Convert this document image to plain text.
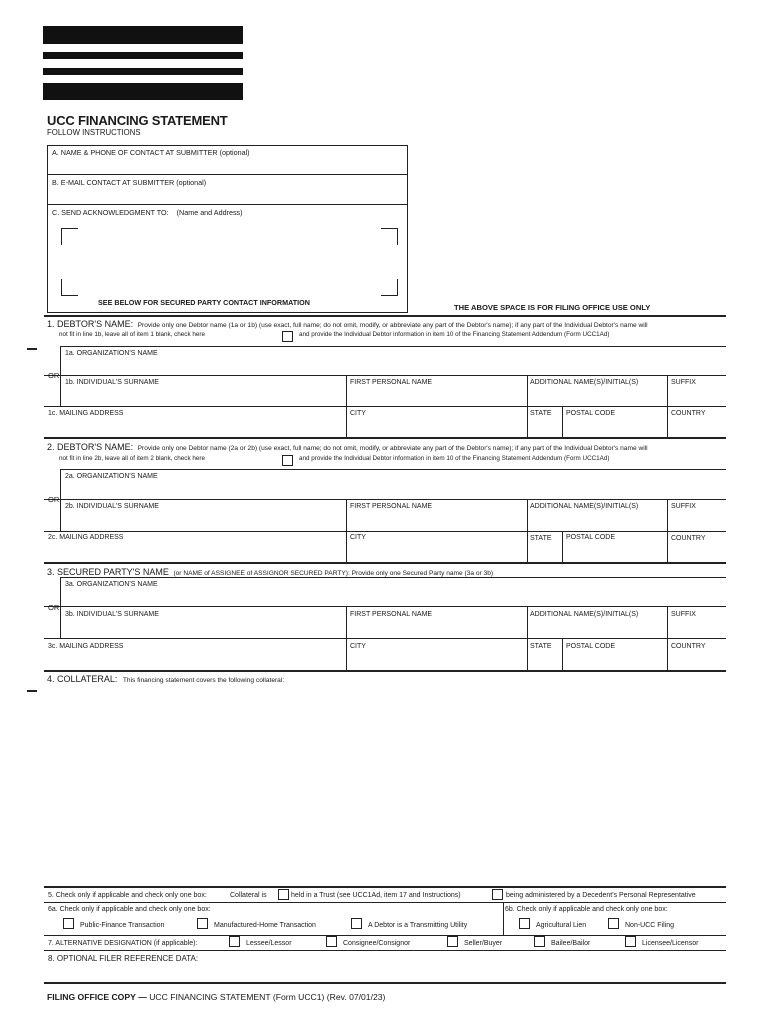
UCC FINANCING STATEMENT
FOLLOW INSTRUCTIONS
A. NAME & PHONE OF CONTACT AT SUBMITTER (optional)
B. E-MAIL CONTACT AT SUBMITTER (optional)
C. SEND ACKNOWLEDGMENT TO: (Name and Address)
SEE BELOW FOR SECURED PARTY CONTACT INFORMATION
THE ABOVE SPACE IS FOR FILING OFFICE USE ONLY
1. DEBTOR'S NAME: Provide only one Debtor name (1a or 1b) (use exact, full name; do not omit, modify, or abbreviate any part of the Debtor's name); if any part of the Individual Debtor's name will
not fit in line 1b, leave all of item 1 blank, check here	and provide the Individual Debtor information in item 10 of the Financing Statement Addendum (Form UCC1Ad)
1a. ORGANIZATION'S NAME
OR
1b. INDIVIDUAL'S SURNAME	FIRST PERSONAL NAME	ADDITIONAL NAME(S)/INITIAL(S)	SUFFIX
1c. MAILING ADDRESS	CITY	STATE POSTAL CODE	COUNTRY
2. DEBTOR'S NAME: Provide only one Debtor name (2a or 2b) (use exact, full name; do not omit, modify, or abbreviate any part of the Debtor's name); if any part of the Individual Debtor's name will
not fit in line 2b, leave all of item 2 blank, check here	and provide the Individual Debtor information in item 10 of the Financing Statement Addendum (Form UCC1Ad)
2a. ORGANIZATION'S NAME
OR
2b. INDIVIDUAL'S SURNAME	FIRST PERSONAL NAME	ADDITIONAL NAME(S)/INITIAL(S)	SUFFIX
2c. MAILING ADDRESS	CITY	STATE POSTAL CODE	COUNTRY
3. SECURED PARTY'S NAME (or NAME of ASSIGNEE of ASSIGNOR SECURED PARTY): Provide only one Secured Party name (3a or 3b)
3a. ORGANIZATION'S NAME
OR
3b. INDIVIDUAL'S SURNAME	FIRST PERSONAL NAME	ADDITIONAL NAME(S)/INITIAL(S)	SUFFIX
3c. MAILING ADDRESS	CITY	STATE POSTAL CODE	COUNTRY
4. COLLATERAL: This financing statement covers the following collateral:
5. Check only if applicable and check only one box:	Collateral is	held in a Trust (see UCC1Ad, item 17 and Instructions)	being administered by a Decedent's Personal Representative
6a. Check only if applicable and check only one box:	6b. Check only if applicable and check only one box:
Public-Finance Transaction	Manufactured-Home Transaction	A Debtor is a Transmitting Utility	Agricultural Lien	Non-UCC Filing
7. ALTERNATIVE DESIGNATION (if applicable):	Lessee/Lessor	Consignee/Consignor	Seller/Buyer	Bailee/Bailor	Licensee/Licensor
8. OPTIONAL FILER REFERENCE DATA:
FILING OFFICE COPY — UCC FINANCING STATEMENT (Form UCC1) (Rev. 07/01/23)
